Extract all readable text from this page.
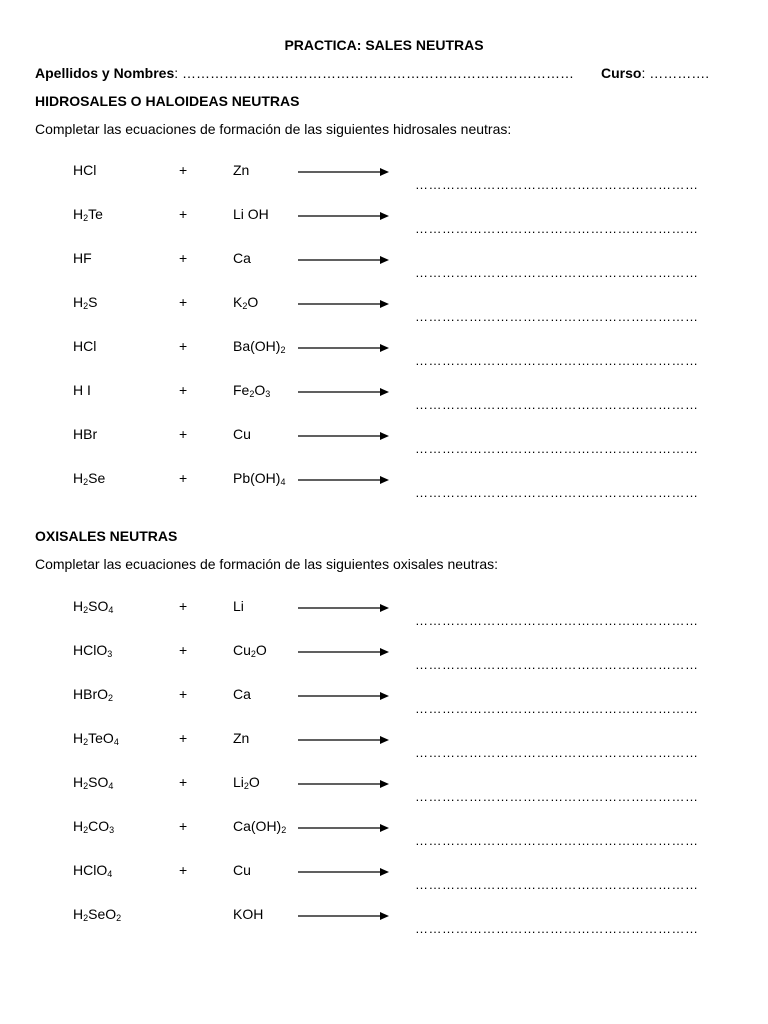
PRACTICA: SALES NEUTRAS
Apellidos y Nombres: ………………………………………………………………………… Curso: ………….
HIDROSALES O HALOIDEAS NEUTRAS
Completar las ecuaciones de formación de las siguientes hidrosales neutras:
HCl	+	Zn
………………………………………………………
$H_2Te$	+	Li OH
………………………………………………………
HF	+	Ca
………………………………………………………
$H_2S$	+	$K_2O$
………………………………………………………
HCl	+	$Ba(OH)_2$
………………………………………………………
H I	+	$Fe_2O_3$
………………………………………………………
HBr	+	Cu
………………………………………………………
$H_2Se$	+	$Pb(OH)_4$
………………………………………………………
OXISALES NEUTRAS
Completar las ecuaciones de formación de las siguientes oxisales neutras:
$H_2SO_4$	+	Li
………………………………………………………
HClO$_3$	+	$Cu_2O$
………………………………………………………
HBrO$_2$	+	Ca
………………………………………………………
$H_2TeO_4$	+	Zn
………………………………………………………
$H_2SO_4$	+	$Li_2O$
………………………………………………………
$H_2CO_3$	+	$Ca(OH)_2$
………………………………………………………
HClO$_4$	+	Cu
………………………………………………………
$H_2SeO_2$	KOH
………………………………………………………
